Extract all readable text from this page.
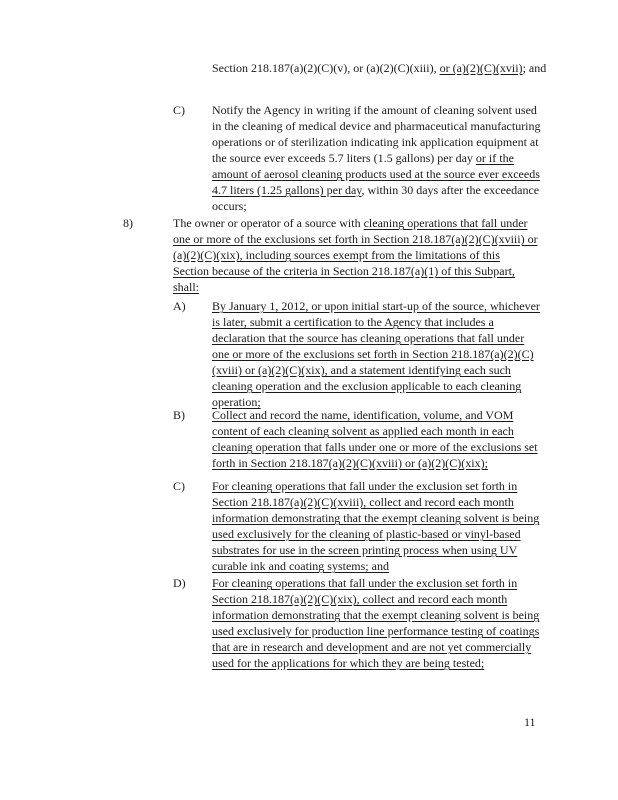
Section 218.187(a)(2)(C)(v), or (a)(2)(C)(xiii), or (a)(2)(C)(xvii); and
C) Notify the Agency in writing if the amount of cleaning solvent used in the cleaning of medical device and pharmaceutical manufacturing operations or of sterilization indicating ink application equipment at the source ever exceeds 5.7 liters (1.5 gallons) per day or if the amount of aerosol cleaning products used at the source ever exceeds 4.7 liters (1.25 gallons) per day, within 30 days after the exceedance occurs;
8)	The owner or operator of a source with cleaning operations that fall under one or more of the exclusions set forth in Section 218.187(a)(2)(C)(xviii) or (a)(2)(C)(xix), including sources exempt from the limitations of this Section because of the criteria in Section 218.187(a)(1) of this Subpart, shall:
A)	By January 1, 2012, or upon initial start-up of the source, whichever is later, submit a certification to the Agency that includes a declaration that the source has cleaning operations that fall under one or more of the exclusions set forth in Section 218.187(a)(2)(C)(xviii) or (a)(2)(C)(xix), and a statement identifying each such cleaning operation and the exclusion applicable to each cleaning operation;
B)	Collect and record the name, identification, volume, and VOM content of each cleaning solvent as applied each month in each cleaning operation that falls under one or more of the exclusions set forth in Section 218.187(a)(2)(C)(xviii) or (a)(2)(C)(xix);
C)	For cleaning operations that fall under the exclusion set forth in Section 218.187(a)(2)(C)(xviii), collect and record each month information demonstrating that the exempt cleaning solvent is being used exclusively for the cleaning of plastic-based or vinyl-based substrates for use in the screen printing process when using UV curable ink and coating systems; and
D)	For cleaning operations that fall under the exclusion set forth in Section 218.187(a)(2)(C)(xix), collect and record each month information demonstrating that the exempt cleaning solvent is being used exclusively for production line performance testing of coatings that are in research and development and are not yet commercially used for the applications for which they are being tested;
11
